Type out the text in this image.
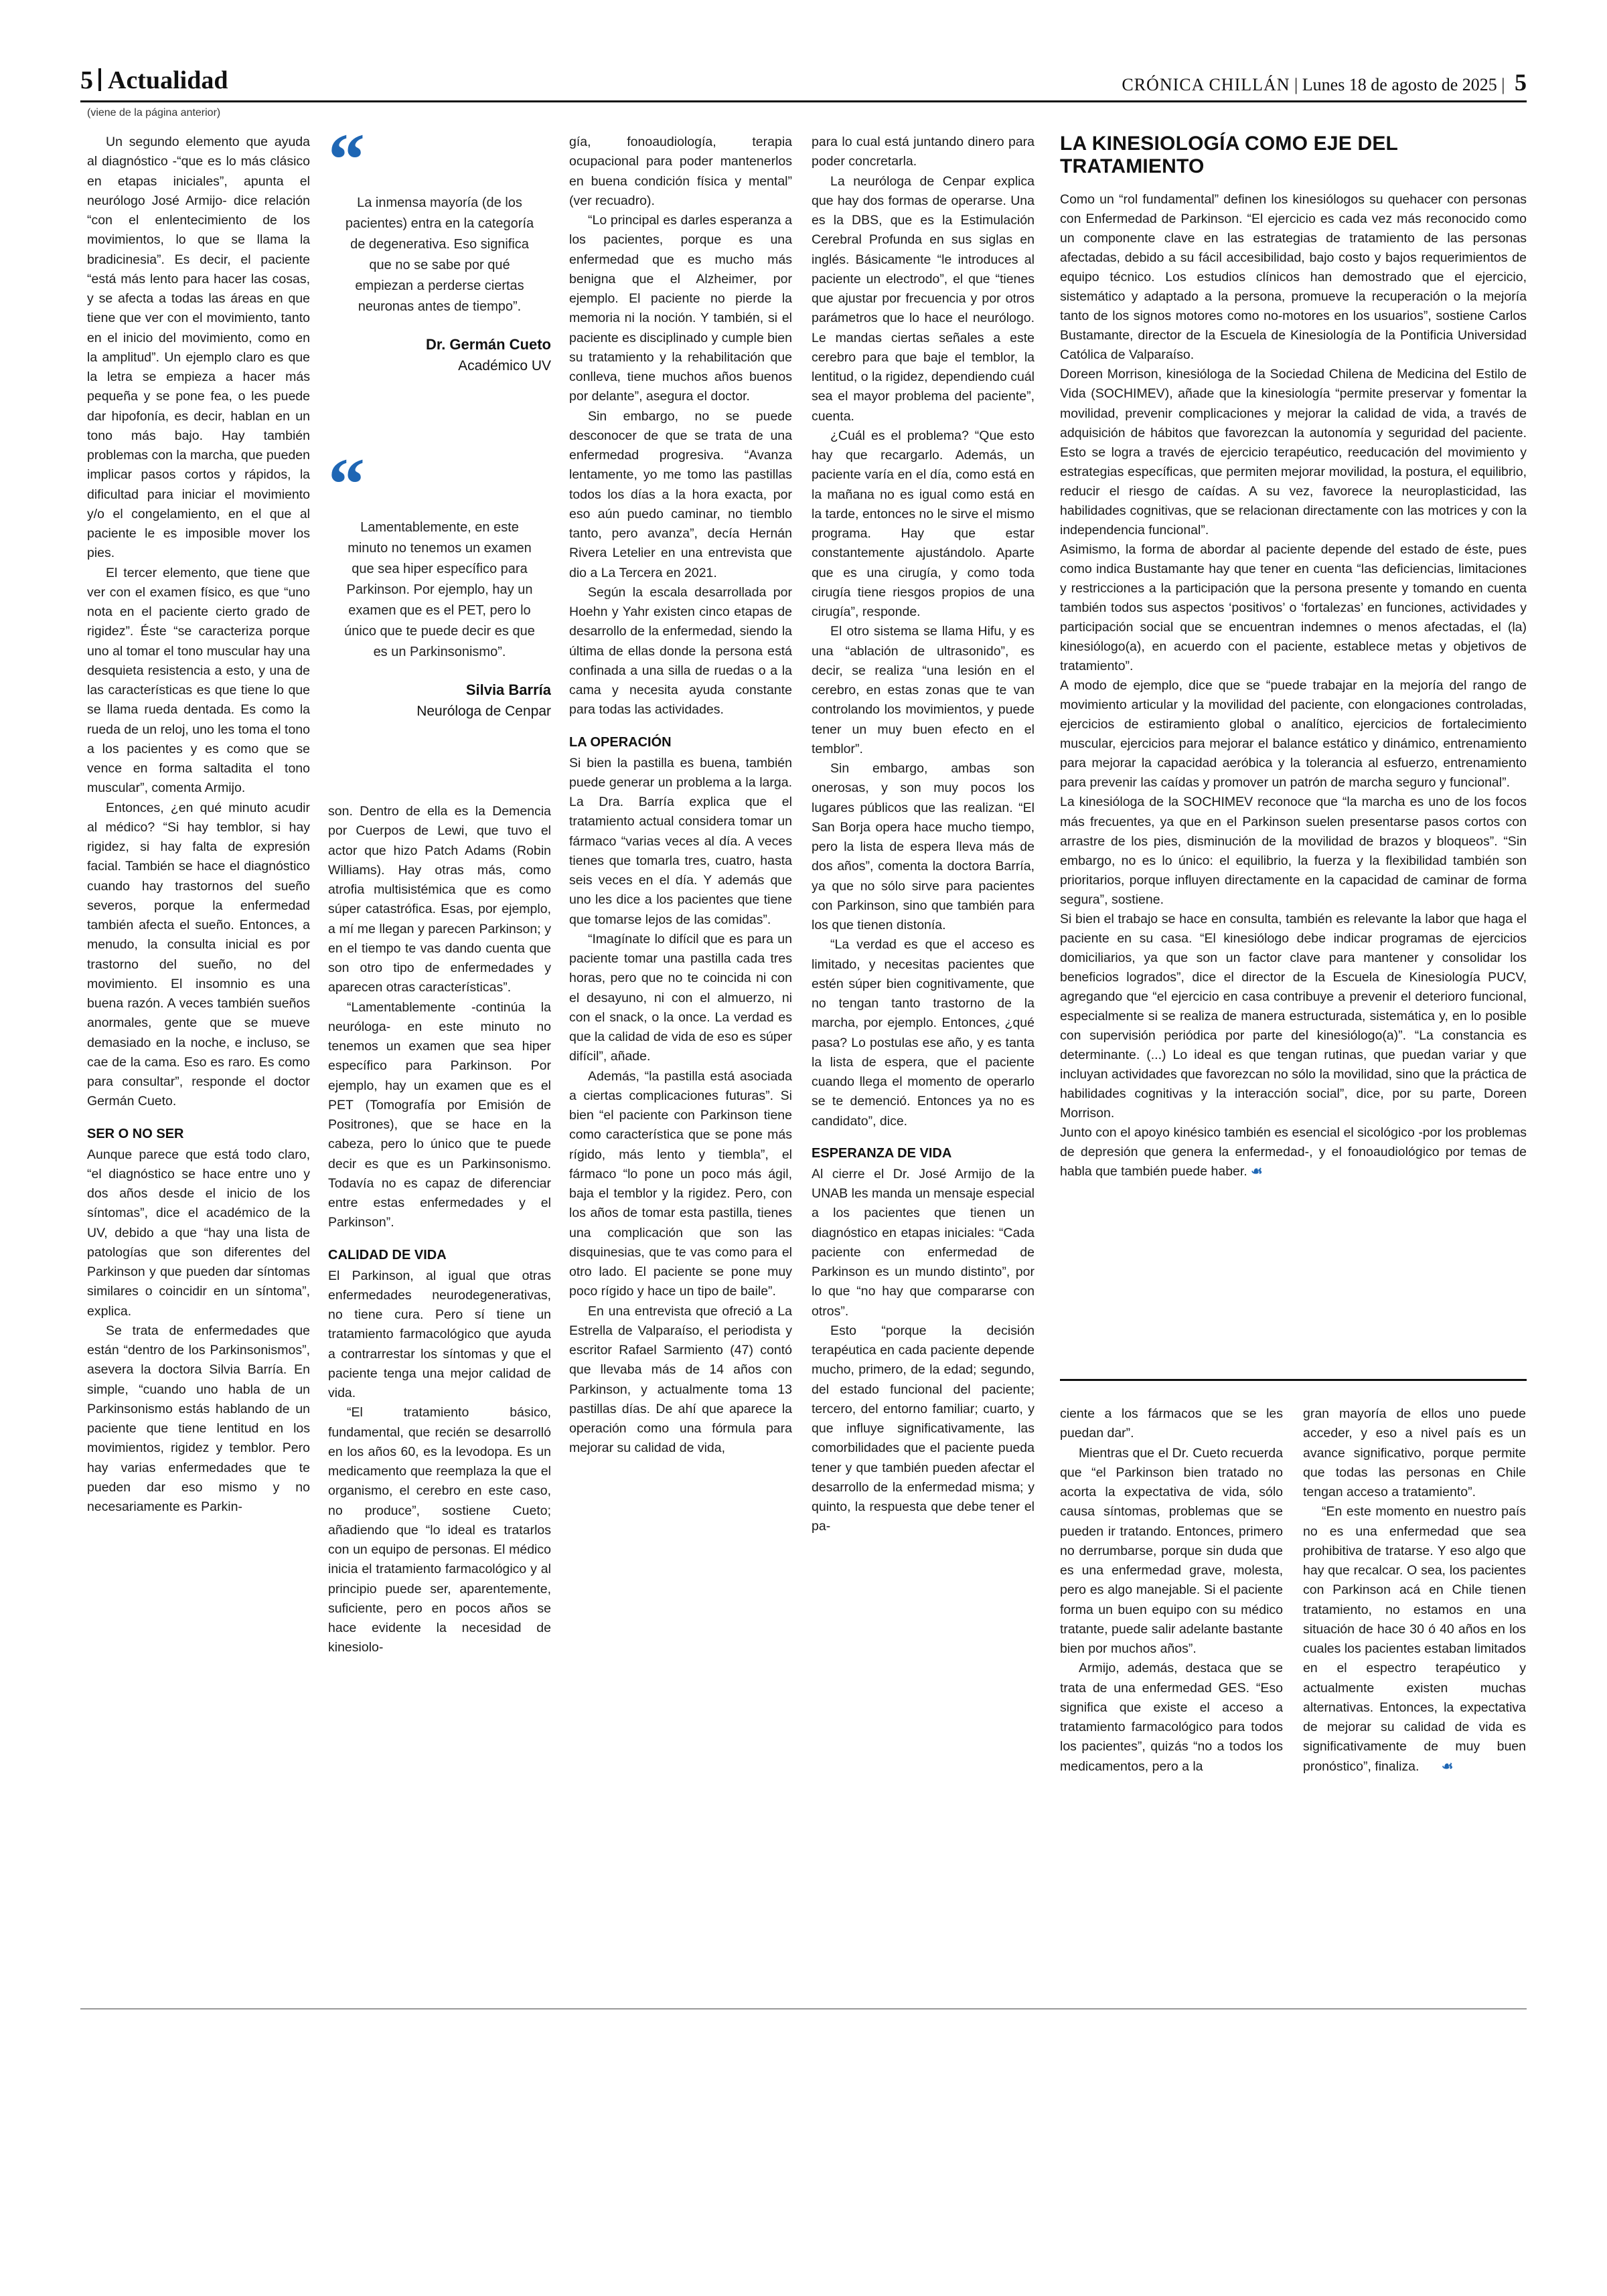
5 Actualidad	CRÓNICA CHILLÁN | Lunes 18 de agosto de 2025 | 5
(viene de la página anterior)

Un segundo elemento que ayuda al diagnóstico -“que es lo más clásico en etapas iniciales”, apunta el neurólogo José Armijo- dice relación “con el enlentecimiento de los movimientos, lo que se llama la bradicinesia”. Es decir, el paciente “está más lento para hacer las cosas, y se afecta a todas las áreas en que tiene que ver con el movimiento, tanto en el inicio del movimiento, como en la amplitud”. Un ejemplo claro es que la letra se empieza a hacer más pequeña y se pone fea, o les puede dar hipofonía, es decir, hablan en un tono más bajo. Hay también problemas con la marcha, que pueden implicar pasos cortos y rápidos, la dificultad para iniciar el movimiento y/o el congelamiento, en el que al paciente le es imposible mover los pies.

El tercer elemento, que tiene que ver con el examen físico, es que “uno nota en el paciente cierto grado de rigidez”. Éste “se caracteriza porque uno al tomar el tono muscular hay una desquieta resistencia a esto, y una de las características es que tiene lo que se llama rueda dentada. Es como la rueda de un reloj, uno les toma el tono a los pacientes y es como que se vence en forma saltadita el tono muscular”, comenta Armijo.

Entonces, ¿en qué minuto acudir al médico? “Si hay temblor, si hay rigidez, si hay falta de expresión facial. También se hace el diagnóstico cuando hay trastornos del sueño severos, porque la enfermedad también afecta el sueño. Entonces, a menudo, la consulta inicial es por trastorno del sueño, no del movimiento. El insomnio es una buena razón. A veces también sueños anormales, gente que se mueve demasiado en la noche, e incluso, se cae de la cama. Eso es raro. Es como para consultar”, responde el doctor Germán Cueto.

SER O NO SER

Aunque parece que está todo claro, “el diagnóstico se hace entre uno y dos años desde el inicio de los síntomas”, dice el académico de la UV, debido a que “hay una lista de patologías que son diferentes del Parkinson y que pueden dar síntomas similares o coincidir en un síntoma”, explica.

Se trata de enfermedades que están “dentro de los Parkinsonismos”, asevera la doctora Silvia Barría. En simple, “cuando uno habla de un Parkinsonismo estás hablando de un paciente que tiene lentitud en los movimientos, rigidez y temblor. Pero hay varias enfermedades que te pueden dar eso mismo y no necesariamente es Parkin-

“
La inmensa mayoría (de los pacientes) entra en la categoría de degenerativa. Eso significa que no se sabe por qué empiezan a perderse ciertas neuronas antes de tiempo”.
Dr. Germán Cueto
Académico UV
“
Lamentablemente, en este minuto no tenemos un examen que sea hiper específico para Parkinson. Por ejemplo, hay un examen que es el PET, pero lo único que te puede decir es que es un Parkinsonismo”.
Silvia Barría
Neuróloga de Cenpar

son. Dentro de ella es la Demencia por Cuerpos de Lewi, que tuvo el actor que hizo Patch Adams (Robin Williams). Hay otras más, como atrofia multisistémica que es como súper catastrófica. Esas, por ejemplo, a mí me llegan y parecen Parkinson; y en el tiempo te vas dando cuenta que son otro tipo de enfermedades y aparecen otras características”.

“Lamentablemente -continúa la neuróloga- en este minuto no tenemos un examen que sea hiper específico para Parkinson. Por ejemplo, hay un examen que es el PET (Tomografía por Emisión de Positrones), que se hace en la cabeza, pero lo único que te puede decir es que es un Parkinsonismo. Todavía no es capaz de diferenciar entre estas enfermedades y el Parkinson”.

CALIDAD DE VIDA

El Parkinson, al igual que otras enfermedades neurodegenerativas, no tiene cura. Pero sí tiene un tratamiento farmacológico que ayuda a contrarrestar los síntomas y que el paciente tenga una mejor calidad de vida.

“El tratamiento básico, fundamental, que recién se desarrolló en los años 60, es la levodopa. Es un medicamento que reemplaza la que el organismo, el cerebro en este caso, no produce”, sostiene Cueto; añadiendo que “lo ideal es tratarlos con un equipo de personas. El médico inicia el tratamiento farmacológico y al principio puede ser, aparentemente, suficiente, pero en pocos años se hace evidente la necesidad de kinesiolo-

gía, fonoaudiología, terapia ocupacional para poder mantenerlos en buena condición física y mental” (ver recuadro).

“Lo principal es darles esperanza a los pacientes, porque es una enfermedad que es mucho más benigna que el Alzheimer, por ejemplo. El paciente no pierde la memoria ni la noción. Y también, si el paciente es disciplinado y cumple bien su tratamiento y la rehabilitación que conlleva, tiene muchos años buenos por delante”, asegura el doctor.

Sin embargo, no se puede desconocer de que se trata de una enfermedad progresiva. “Avanza lentamente, yo me tomo las pastillas todos los días a la hora exacta, por eso aún puedo caminar, no tiemblo tanto, pero avanza”, decía Hernán Rivera Letelier en una entrevista que dio a La Tercera en 2021.

Según la escala desarrollada por Hoehn y Yahr existen cinco etapas de desarrollo de la enfermedad, siendo la última de ellas donde la persona está confinada a una silla de ruedas o a la cama y necesita ayuda constante para todas las actividades.

LA OPERACIÓN

Si bien la pastilla es buena, también puede generar un problema a la larga. La Dra. Barría explica que el tratamiento actual considera tomar un fármaco “varias veces al día. A veces tienes que tomarla tres, cuatro, hasta seis veces en el día. Y además que uno les dice a los pacientes que tiene que tomarse lejos de las comidas”.

“Imagínate lo difícil que es para un paciente tomar una pastilla cada tres horas, pero que no te coincida ni con el desayuno, ni con el almuerzo, ni con el snack, o la once. La verdad es que la calidad de vida de eso es súper difícil”, añade.

Además, “la pastilla está asociada a ciertas complicaciones futuras”. Si bien “el paciente con Parkinson tiene como característica que se pone más rígido, más lento y tiembla”, el fármaco “lo pone un poco más ágil, baja el temblor y la rigidez. Pero, con los años de tomar esta pastilla, tienes una complicación que son las disquinesias, que te vas como para el otro lado. El paciente se pone muy poco rígido y hace un tipo de baile”.

En una entrevista que ofreció a La Estrella de Valparaíso, el periodista y escritor Rafael Sarmiento (47) contó que llevaba más de 14 años con Parkinson, y actualmente toma 13 pastillas días. De ahí que aparece la operación como una fórmula para mejorar su calidad de vida,

para lo cual está juntando dinero para poder concretarla.

La neuróloga de Cenpar explica que hay dos formas de operarse. Una es la DBS, que es la Estimulación Cerebral Profunda en sus siglas en inglés. Básicamente “le introduces al paciente un electrodo”, el que “tienes que ajustar por frecuencia y por otros parámetros que lo hace el neurólogo. Le mandas ciertas señales a este cerebro para que baje el temblor, la lentitud, o la rigidez, dependiendo cuál sea el mayor problema del paciente”, cuenta.

¿Cuál es el problema? “Que esto hay que recargarlo. Además, un paciente varía en el día, como está en la mañana no es igual como está en la tarde, entonces no le sirve el mismo programa. Hay que estar constantemente ajustándolo. Aparte que es una cirugía, y como toda cirugía tiene riesgos propios de una cirugía”, responde.

El otro sistema se llama Hifu, y es una “ablación de ultrasonido”, es decir, se realiza “una lesión en el cerebro, en estas zonas que te van controlando los movimientos, y puede tener un muy buen efecto en el temblor”.

Sin embargo, ambas son onerosas, y son muy pocos los lugares públicos que las realizan. “El San Borja opera hace mucho tiempo, pero la lista de espera lleva más de dos años”, comenta la doctora Barría, ya que no sólo sirve para pacientes con Parkinson, sino que también para los que tienen distonía.

“La verdad es que el acceso es limitado, y necesitas pacientes que estén súper bien cognitivamente, que no tengan tanto trastorno de la marcha, por ejemplo. Entonces, ¿qué pasa? Lo postulas ese año, y es tanta la lista de espera, que el paciente cuando llega el momento de operarlo se te demenció. Entonces ya no es candidato”, dice.

ESPERANZA DE VIDA

Al cierre el Dr. José Armijo de la UNAB les manda un mensaje especial a los pacientes que tienen un diagnóstico en etapas iniciales: “Cada paciente con enfermedad de Parkinson es un mundo distinto”, por lo que “no hay que compararse con otros”.

Esto “porque la decisión terapéutica en cada paciente depende mucho, primero, de la edad; segundo, del estado funcional del paciente; tercero, del entorno familiar; cuarto, y que influye significativamente, las comorbilidades que el paciente pueda tener y que también pueden afectar el desarrollo de la enfermedad misma; y quinto, la respuesta que debe tener el pa-

LA KINESIOLOGÍA COMO EJE DEL TRATAMIENTO

Como un “rol fundamental” definen los kinesiólogos su quehacer con personas con Enfermedad de Parkinson. “El ejercicio es cada vez más reconocido como un componente clave en las estrategias de tratamiento de las personas afectadas, debido a su fácil accesibilidad, bajo costo y bajos requerimientos de equipo técnico. Los estudios clínicos han demostrado que el ejercicio, sistemático y adaptado a la persona, promueve la recuperación o la mejoría tanto de los signos motores como no-motores en los usuarios”, sostiene Carlos Bustamante, director de la Escuela de Kinesiología de la Pontificia Universidad Católica de Valparaíso.

Doreen Morrison, kinesióloga de la Sociedad Chilena de Medicina del Estilo de Vida (SOCHIMEV), añade que la kinesiología “permite preservar y fomentar la movilidad, prevenir complicaciones y mejorar la calidad de vida, a través de adquisición de hábitos que favorezcan la autonomía y seguridad del paciente. Esto se logra a través de ejercicio terapéutico, reeducación del movimiento y estrategias específicas, que permiten mejorar movilidad, la postura, el equilibrio, reducir el riesgo de caídas. A su vez, favorece la neuroplasticidad, las habilidades cognitivas, que se relacionan directamente con las motrices y con la independencia funcional”.

Asimismo, la forma de abordar al paciente depende del estado de éste, pues como indica Bustamante hay que tener en cuenta “las deficiencias, limitaciones y restricciones a la participación que la persona presente y tomando en cuenta también todos sus aspectos ‘positivos’ o ‘fortalezas’ en funciones, actividades y participación social que se encuentran indemnes o menos afectadas, el (la) kinesiólogo(a), en acuerdo con el paciente, establece metas y objetivos de tratamiento”.

A modo de ejemplo, dice que se “puede trabajar en la mejoría del rango de movimiento articular y la movilidad del paciente, con elongaciones controladas, ejercicios de estiramiento global o analítico, ejercicios de fortalecimiento muscular, ejercicios para mejorar el balance estático y dinámico, entrenamiento para mejorar la capacidad aeróbica y la tolerancia al esfuerzo, entrenamiento para prevenir las caídas y promover un patrón de marcha seguro y funcional”.

La kinesióloga de la SOCHIMEV reconoce que “la marcha es uno de los focos más frecuentes, ya que en el Parkinson suelen presentarse pasos cortos con arrastre de los pies, disminución de la movilidad de brazos y bloqueos”. “Sin embargo, no es lo único: el equilibrio, la fuerza y la flexibilidad también son prioritarios, porque influyen directamente en la capacidad de caminar de forma segura”, sostiene.

Si bien el trabajo se hace en consulta, también es relevante la labor que haga el paciente en su casa. “El kinesiólogo debe indicar programas de ejercicios domiciliarios, ya que son un factor clave para mantener y consolidar los beneficios logrados”, dice el director de la Escuela de Kinesiología PUCV, agregando que “el ejercicio en casa contribuye a prevenir el deterioro funcional, especialmente si se realiza de manera estructurada, sistemática y, en lo posible con supervisión periódica por parte del kinesiólogo(a)”. “La constancia es determinante. (...) Lo ideal es que tengan rutinas, que puedan variar y que incluyan actividades que favorezcan no sólo la movilidad, sino que la práctica de habilidades cognitivas y la interacción social”, dice, por su parte, Doreen Morrison.

Junto con el apoyo kinésico también es esencial el sicológico -por los problemas de depresión que genera la enfermedad-, y el fonoaudiológico por temas de habla que también puede haber. ☙

ciente a los fármacos que se les puedan dar”.

Mientras que el Dr. Cueto recuerda que “el Parkinson bien tratado no acorta la expectativa de vida, sólo causa síntomas, problemas que se pueden ir tratando. Entonces, primero no derrumbarse, porque sin duda que es una enfermedad grave, molesta, pero es algo manejable. Si el paciente forma un buen equipo con su médico tratante, puede salir adelante bastante bien por muchos años”.

Armijo, además, destaca que se trata de una enfermedad GES. “Eso significa que existe el acceso a tratamiento farmacológico para todos los pacientes”, quizás “no a todos los medicamentos, pero a la

gran mayoría de ellos uno puede acceder, y eso a nivel país es un avance significativo, porque permite que todas las personas en Chile tengan acceso a tratamiento”.

“En este momento en nuestro país no es una enfermedad que sea prohibitiva de tratarse. Y eso algo que hay que recalcar. O sea, los pacientes con Parkinson acá en Chile tienen tratamiento, no estamos en una situación de hace 30 ó 40 años en los cuales los pacientes estaban limitados en el espectro terapéutico y actualmente existen muchas alternativas. Entonces, la expectativa de mejorar su calidad de vida es significativamente de muy buen pronóstico”, finaliza. ☙
